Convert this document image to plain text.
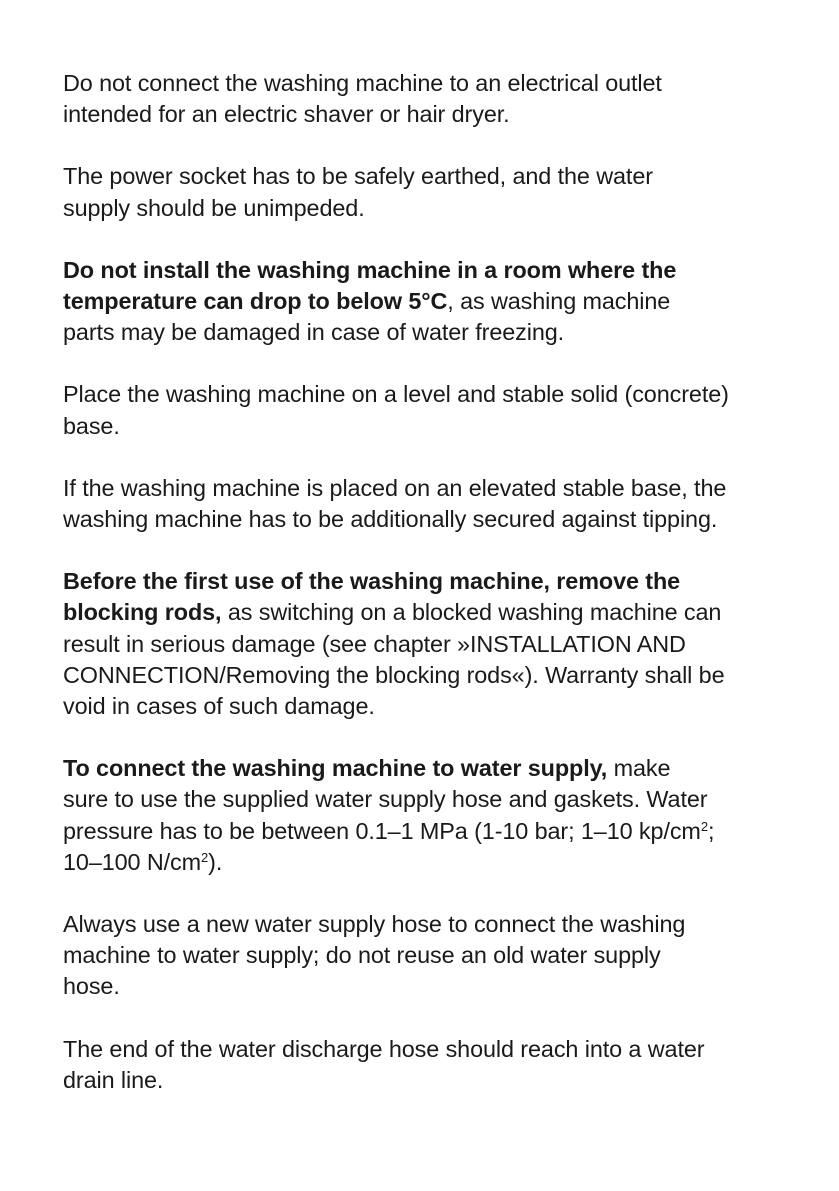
Do not connect the washing machine to an electrical outlet
intended for an electric shaver or hair dryer.

The power socket has to be safely earthed, and the water
supply should be unimpeded.

Do not install the washing machine in a room where the
temperature can drop to below 5°C, as washing machine
parts may be damaged in case of water freezing.

Place the washing machine on a level and stable solid (concrete)
base.

If the washing machine is placed on an elevated stable base, the
washing machine has to be additionally secured against tipping.

Before the first use of the washing machine, remove the
blocking rods, as switching on a blocked washing machine can
result in serious damage (see chapter »INSTALLATION AND
CONNECTION/Removing the blocking rods«). Warranty shall be
void in cases of such damage.

To connect the washing machine to water supply, make
sure to use the supplied water supply hose and gaskets. Water
pressure has to be between 0.1–1 MPa (1-10 bar; 1–10 $kp/cm^2$;
10–100 $N/cm^2$).

Always use a new water supply hose to connect the washing
machine to water supply; do not reuse an old water supply
hose.

The end of the water discharge hose should reach into a water
drain line.
